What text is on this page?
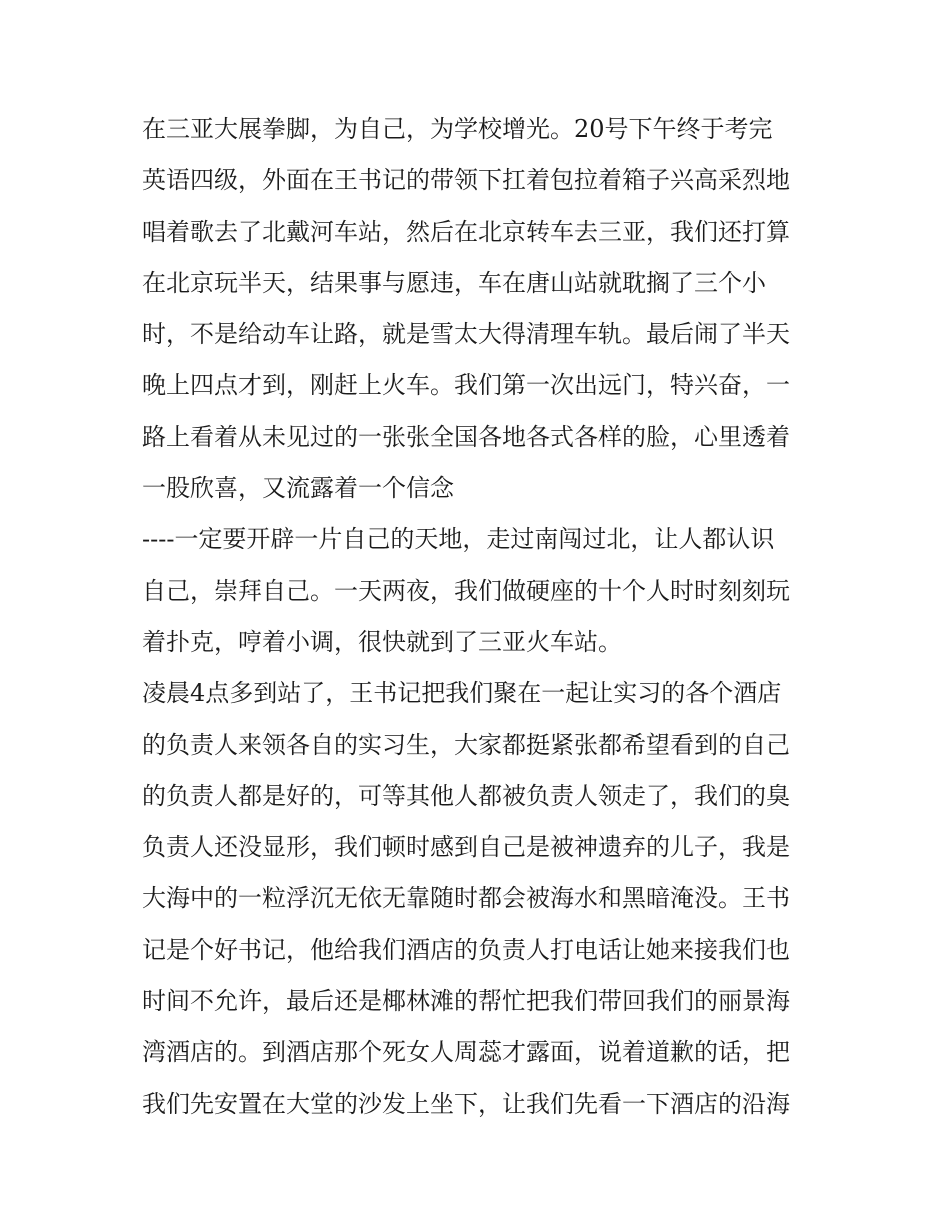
在三亚大展拳脚，为自己，为学校增光。20号下午终于考完
英语四级，外面在王书记的带领下扛着包拉着箱子兴高采烈地
唱着歌去了北戴河车站，然后在北京转车去三亚，我们还打算
在北京玩半天，结果事与愿违，车在唐山站就耽搁了三个小
时，不是给动车让路，就是雪太大得清理车轨。最后闹了半天
晚上四点才到，刚赶上火车。我们第一次出远门，特兴奋，一
路上看着从未见过的一张张全国各地各式各样的脸，心里透着
一股欣喜，又流露着一个信念
----一定要开辟一片自己的天地，走过南闯过北，让人都认识
自己，崇拜自己。一天两夜，我们做硬座的十个人时时刻刻玩
着扑克，哼着小调，很快就到了三亚火车站。
凌晨4点多到站了，王书记把我们聚在一起让实习的各个酒店
的负责人来领各自的实习生，大家都挺紧张都希望看到的自己
的负责人都是好的，可等其他人都被负责人领走了，我们的臭
负责人还没显形，我们顿时感到自己是被神遗弃的儿子，我是
大海中的一粒浮沉无依无靠随时都会被海水和黑暗淹没。王书
记是个好书记，他给我们酒店的负责人打电话让她来接我们也
时间不允许，最后还是椰林滩的帮忙把我们带回我们的丽景海
湾酒店的。到酒店那个死女人周蕊才露面，说着道歉的话，把
我们先安置在大堂的沙发上坐下，让我们先看一下酒店的沿海
